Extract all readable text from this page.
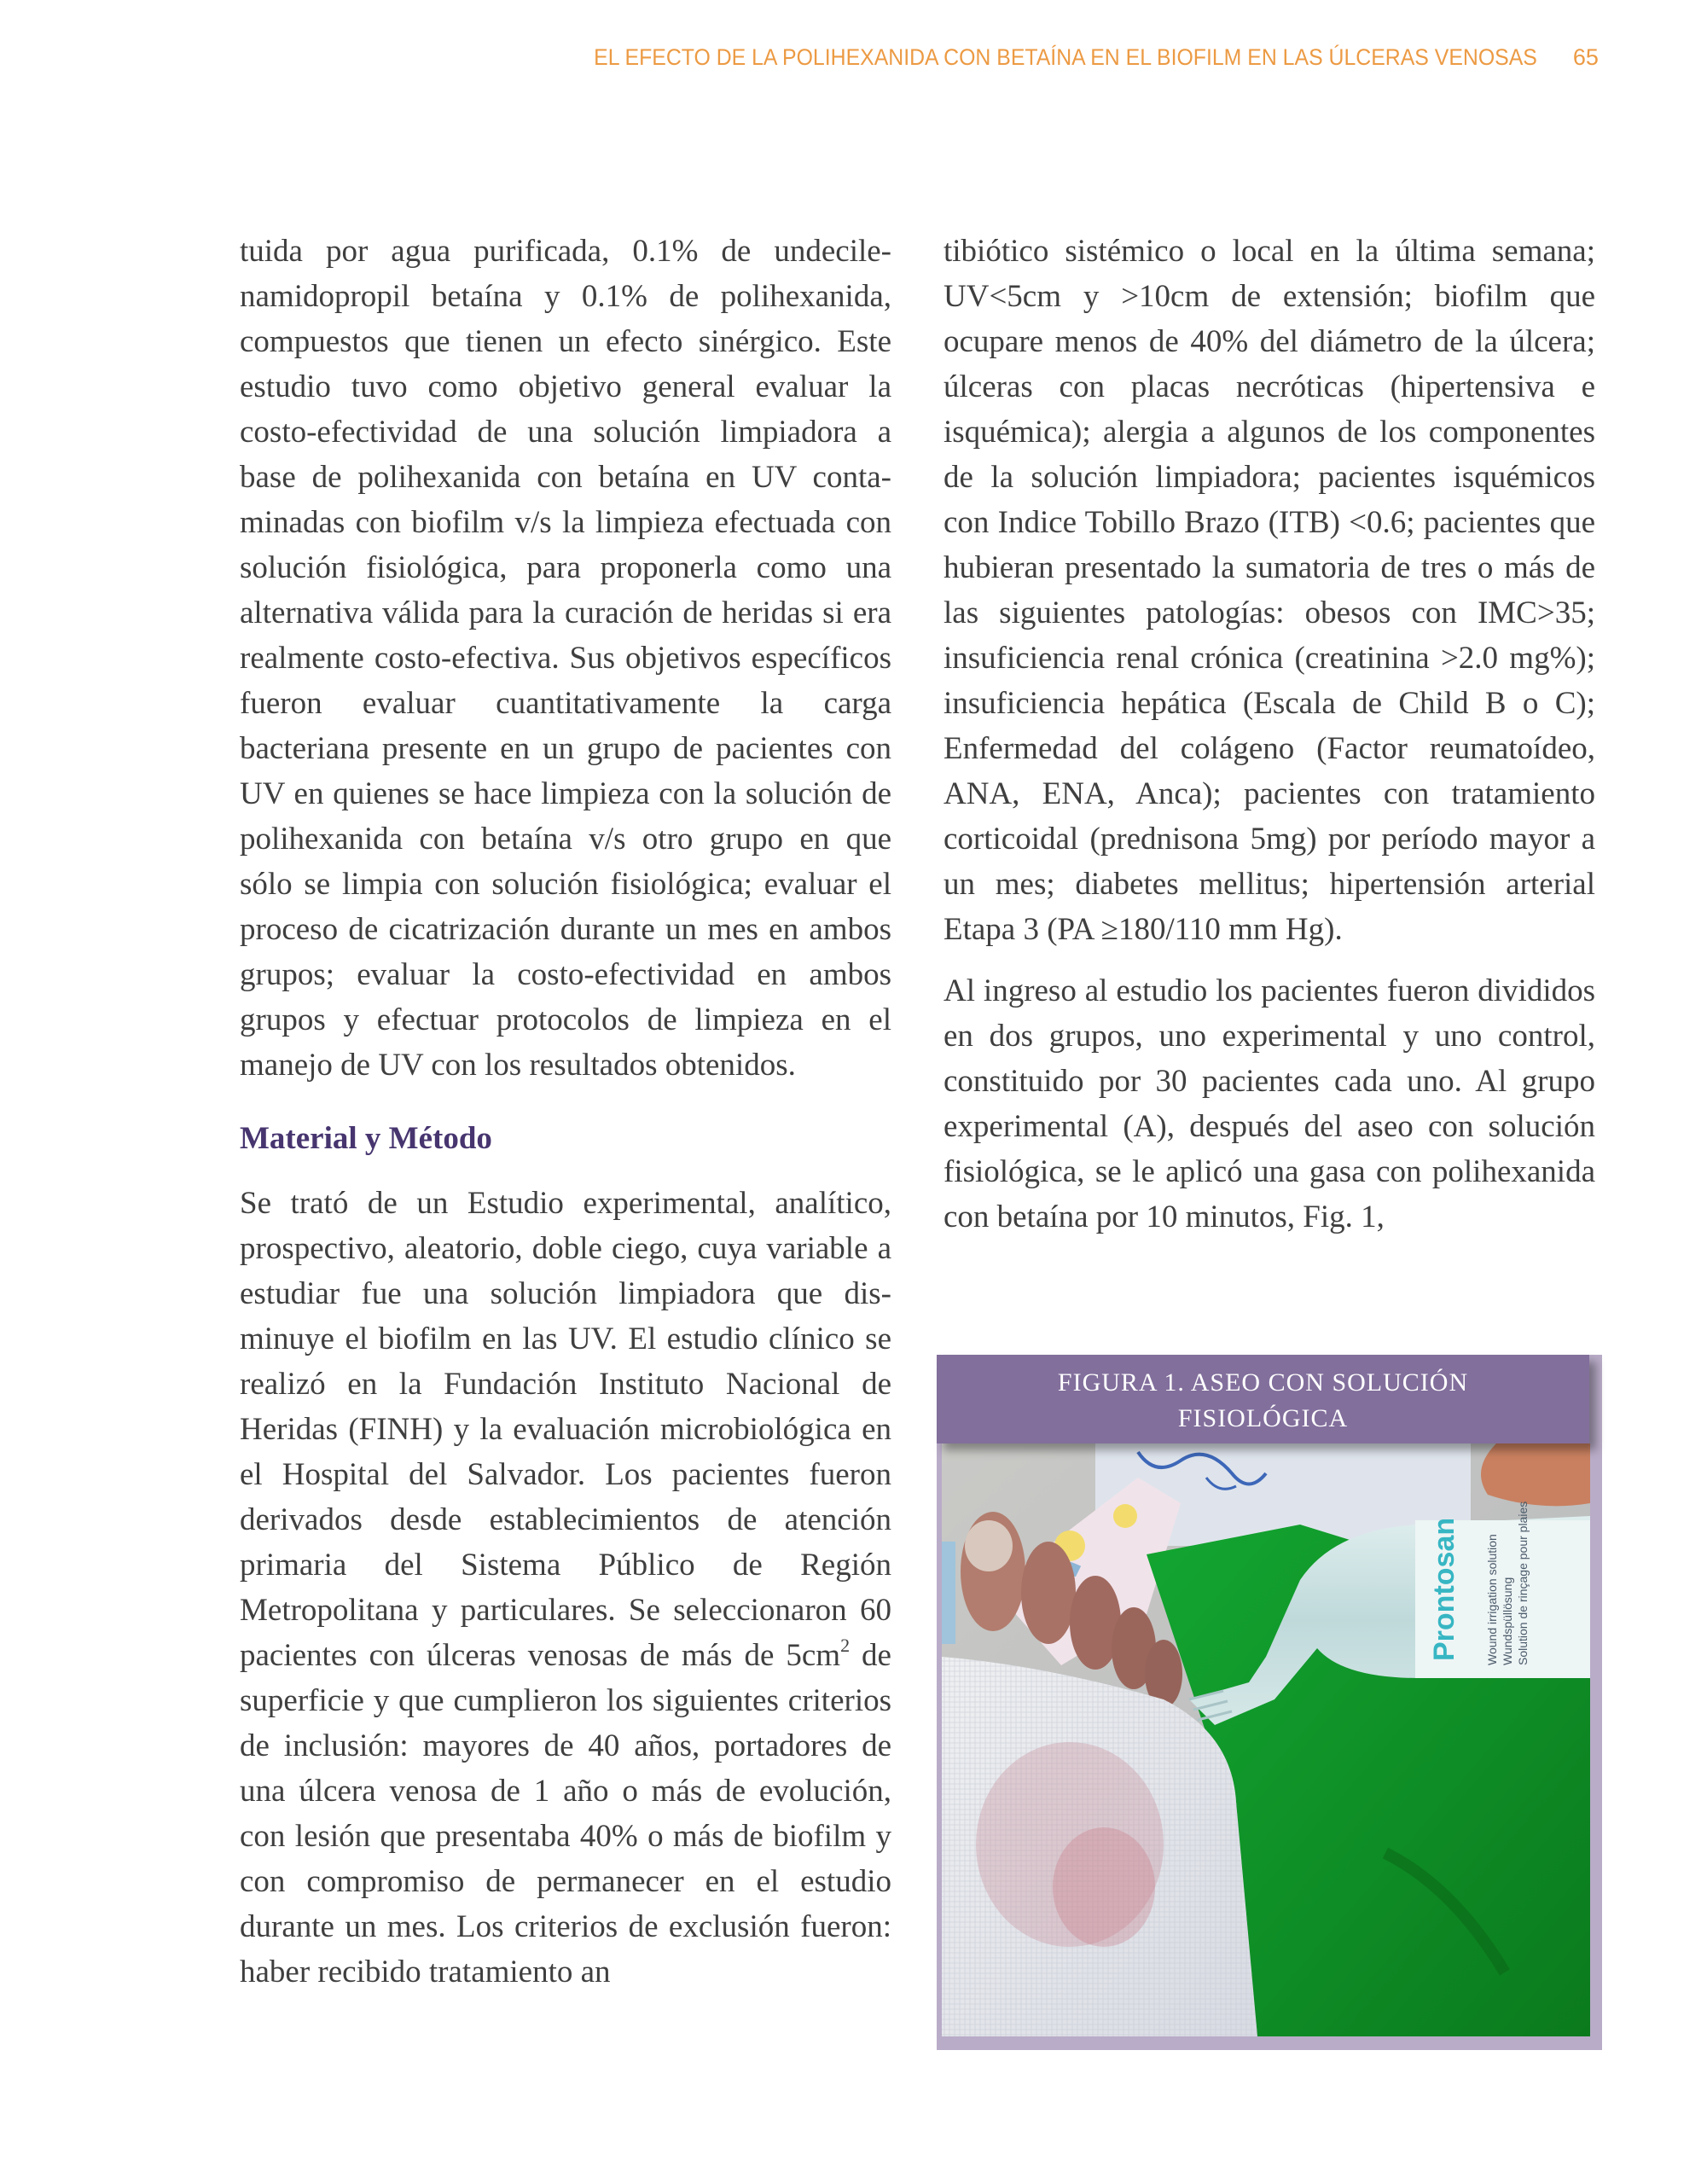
EL EFECTO DE LA POLIHEXANIDA CON BETAÍNA EN EL BIOFILM EN LAS ÚLCERAS VENOSAS 65

tuida por agua purificada, 0.1% de undecilenamidopropil betaína y 0.1% de polihexanida, compuestos que tienen un efecto sinérgico. Este estudio tuvo como objetivo general evaluar la costo-efectividad de una solución limpiadora a base de polihexanida con betaína en UV contaminadas con biofilm v/s la limpieza efectuada con solución fisiológica, para proponerla como una alternativa válida para la curación de heridas si era realmente costo-efectiva. Sus objetivos específicos fueron evaluar cuantitativamente la carga bacteriana presente en un grupo de pacientes con UV en quienes se hace limpieza con la solución de polihexanida con betaína v/s otro grupo en que sólo se limpia con solución fisiológica; evaluar el proceso de cicatrización durante un mes en ambos grupos; evaluar la costo-efectividad en ambos grupos y efectuar protocolos de limpieza en el manejo de UV con los resultados obtenidos.

Material y Método

Se trató de un Estudio experimental, analítico, prospectivo, aleatorio, doble ciego, cuya variable a estudiar fue una solución limpiadora que disminuye el biofilm en las UV. El estudio clínico se realizó en la Fundación Instituto Nacional de Heridas (FINH) y la evaluación microbiológica en el Hospital del Salvador. Los pacientes fueron derivados desde establecimientos de atención primaria del Sistema Público de Región Metropolitana y particulares. Se seleccionaron 60 pacientes con úlceras venosas de más de $5cm^2$ de superficie y que cumplieron los siguientes criterios de inclusión: mayores de 40 años, portadores de una úlcera venosa de 1 año o más de evolución, con lesión que presentaba 40% o más de biofilm y con compromiso de permanecer en el estudio durante un mes. Los criterios de exclusión fueron: haber recibido tratamiento an

tibiótico sistémico o local en la última semana; UV<5cm y >10cm de extensión; biofilm que ocupare menos de 40% del diámetro de la úlcera; úlceras con placas necróticas (hipertensiva e isquémica); alergia a algunos de los componentes de la solución limpiadora; pacientes isquémicos con Indice Tobillo Brazo (ITB) <0.6; pacientes que hubieran presentado la sumatoria de tres o más de las siguientes patologías: obesos con IMC>35; insuficiencia renal crónica (creatinina >2.0 mg%); insuficiencia hepática (Escala de Child B o C); Enfermedad del colágeno (Factor reumatoídeo, ANA, ENA, Anca); pacientes con tratamiento corticoidal (prednisona 5mg) por período mayor a un mes; diabetes mellitus; hipertensión arterial Etapa 3 (PA ≥180/110 mm Hg).

Al ingreso al estudio los pacientes fueron divididos en dos grupos, uno experimental y uno control, constituido por 30 pacientes cada uno. Al grupo experimental (A), después del aseo con solución fisiológica, se le aplicó una gasa con polihexanida con betaína por 10 minutos, Fig. 1,

FIGURA 1. ASEO CON SOLUCIÓN
FISIOLÓGICA
Prontosan Wound irrigation solution Wundspüllösung Solution de rinçage pour plaies
